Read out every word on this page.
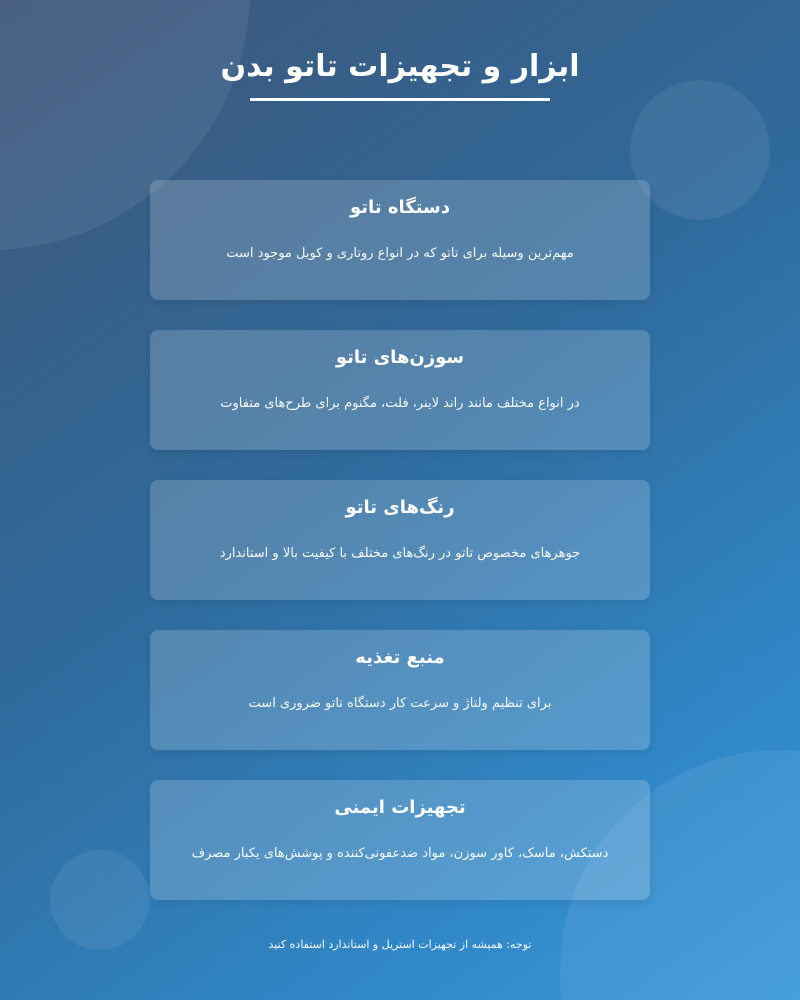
ابزار و تجهیزات تاتو بدن
دستگاه تاتو

مهم‌ترین وسیله برای تاتو که در انواع روتاری و کویل موجود است

سوزن‌های تاتو

در انواع مختلف مانند راند لاینر، فلت، مگنوم برای طرح‌های متفاوت

رنگ‌های تاتو

جوهرهای مخصوص تاتو در رنگ‌های مختلف با کیفیت بالا و استاندارد

منبع تغذیه

برای تنظیم ولتاژ و سرعت کار دستگاه تاتو ضروری است

تجهیزات ایمنی

دستکش، ماسک، کاور سوزن، مواد ضدعفونی‌کننده و پوشش‌های یکبار مصرف

توجه: همیشه از تجهیزات استریل و استاندارد استفاده کنید
